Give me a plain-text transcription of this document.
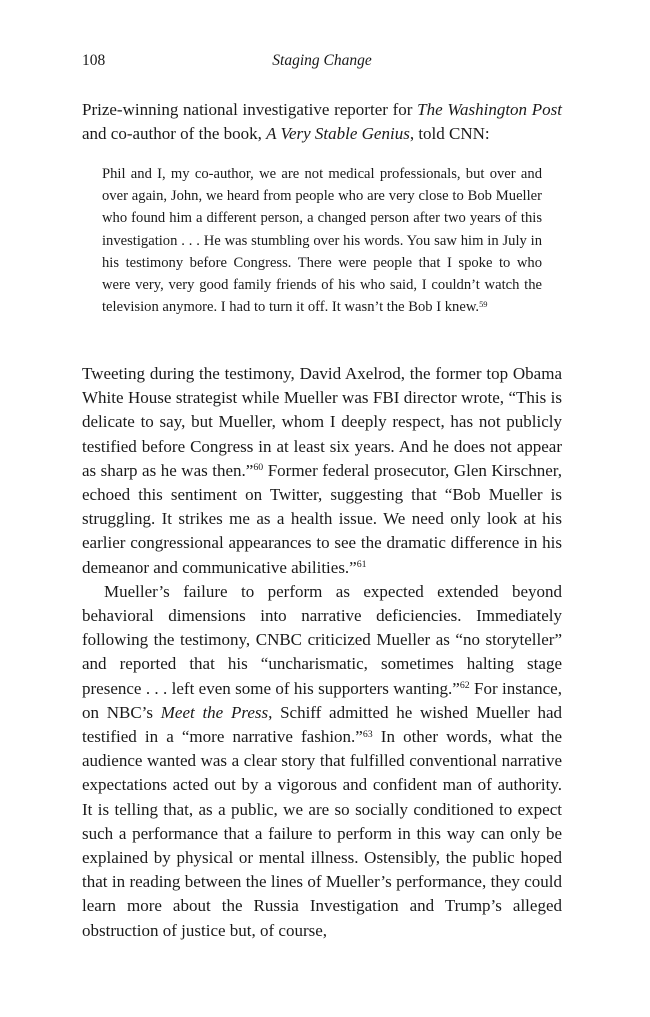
108	Staging Change

Prize-winning national investigative reporter for The Washington Post and co-author of the book, A Very Stable Genius, told CNN:

Phil and I, my co-author, we are not medical professionals, but over and over again, John, we heard from people who are very close to Bob Mueller who found him a different person, a changed person after two years of this investigation . . . He was stumbling over his words. You saw him in July in his testimony before Congress. There were people that I spoke to who were very, very good family friends of his who said, I couldn’t watch the television anymore. I had to turn it off. It wasn’t the Bob I knew.$^{59}$

Tweeting during the testimony, David Axelrod, the former top Obama White House strategist while Mueller was FBI director wrote, “This is delicate to say, but Mueller, whom I deeply respect, has not publicly testified before Congress in at least six years. And he does not appear as sharp as he was then.”$^{60}$ Former federal prosecutor, Glen Kirschner, echoed this sentiment on Twitter, suggesting that “Bob Mueller is struggling. It strikes me as a health issue. We need only look at his earlier congressional appearances to see the dramatic difference in his demeanor and communicative abilities.”$^{61}$

Mueller’s failure to perform as expected extended beyond behavioral dimensions into narrative deficiencies. Immediately following the testimony, CNBC criticized Mueller as “no storyteller” and reported that his “uncharismatic, sometimes halting stage presence . . . left even some of his supporters wanting.”$^{62}$ For instance, on NBC’s Meet the Press, Schiff admitted he wished Mueller had testified in a “more narrative fashion.”$^{63}$ In other words, what the audience wanted was a clear story that fulfilled conventional narrative expectations acted out by a vigorous and confident man of authority. It is telling that, as a public, we are so socially conditioned to expect such a performance that a failure to perform in this way can only be explained by physical or mental illness. Ostensibly, the public hoped that in reading between the lines of Mueller’s performance, they could learn more about the Russia Investigation and Trump’s alleged obstruction of justice but, of course,
